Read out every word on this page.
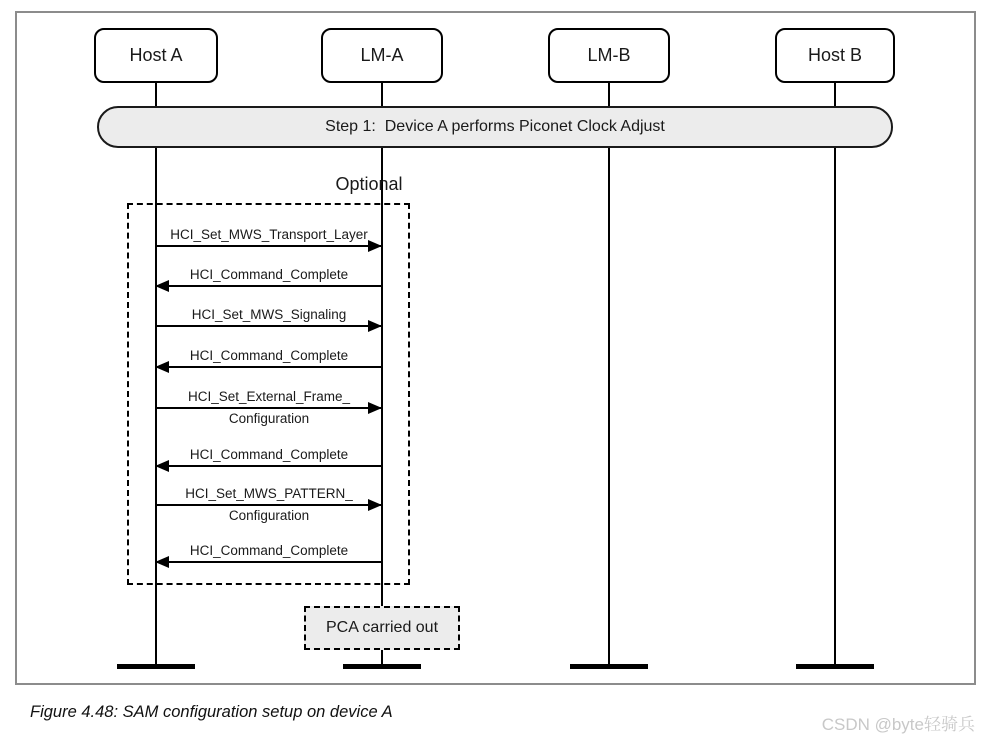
Optional
HCI_Set_MWS_Transport_Layer
HCI_Command_Complete
HCI_Set_MWS_Signaling
HCI_Command_Complete
HCI_Set_External_Frame_
Configuration
HCI_Command_Complete
HCI_Set_MWS_PATTERN_
Configuration
HCI_Command_Complete
Step 1:  Device A performs Piconet Clock Adjust
Host A	LM-A	LM-B	Host B
PCA carried out
Figure 4.48: SAM configuration setup on device A
CSDN @byte轻骑兵
